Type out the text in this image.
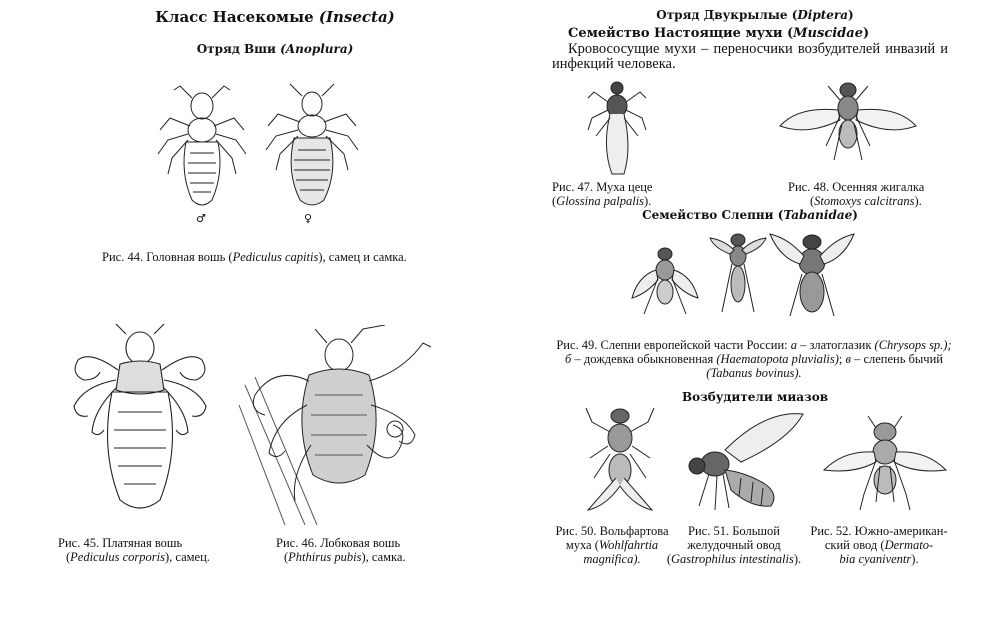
Класс Насекомые (Insecta)
Отряд Вши (Anoplura)
♂	♀
Рис. 44. Головная вошь (Pediculus capitis), самец и самка.
Рис. 45. Платяная вошь
(Pediculus corporis), самец.
Рис. 46. Лобковая вошь
(Phthirus pubis), самка.
Отряд Двукрылые (Diptera)
Семейство Настоящие мухи (Muscidae)
Кровососущие мухи – переносчики возбудителей инвазий и инфекций человека.
Рис. 47. Муха цеце
(Glossina palpalis).
Рис. 48. Осенняя жигалка
(Stomoxys calcitrans).
Семейство Слепни (Tabanidae)
Рис. 49. Слепни европейской части России: а – златоглазик (Chrysops sp.);
б – дождевка обыкновенная (Haematopota pluvialis); в – слепень бычий
(Tabanus bovinus).
Возбудители миазов
Рис. 50. Вольфартова
муха (Wohlfahrtia
magnifica).
Рис. 51. Большой
желудочный овод
(Gastrophilus intestinalis).
Рис. 52. Южно-американ-
ский овод (Dermato-
bia cyaniventr).
